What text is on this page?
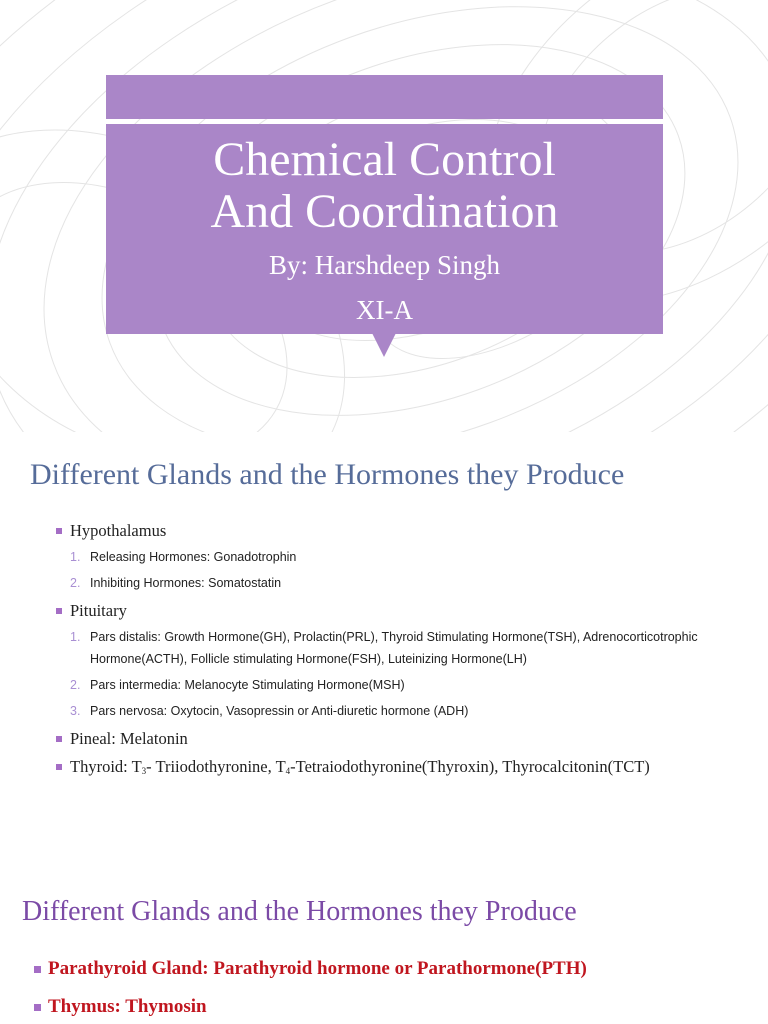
Chemical Control
And Coordination
By: Harshdeep Singh
XI-A
Different Glands and the Hormones they Produce
Hypothalamus
1. Releasing Hormones: Gonadotrophin
2. Inhibiting Hormones: Somatostatin
Pituitary
1. Pars distalis: Growth Hormone(GH), Prolactin(PRL), Thyroid Stimulating Hormone(TSH), Adrenocorticotrophic Hormone(ACTH), Follicle stimulating Hormone(FSH), Luteinizing Hormone(LH)
2. Pars intermedia: Melanocyte Stimulating Hormone(MSH)
3. Pars nervosa: Oxytocin, Vasopressin or Anti-diuretic hormone (ADH)
Pineal: Melatonin
Thyroid: $T_3-$ Triiodothyronine, $T_4-Tetraiodothyronine(Thyroxin)$, Thyrocalcitonin(TCT)
Different Glands and the Hormones they Produce
Parathyroid Gland: Parathyroid hormone or Parathormone(PTH)
Thymus: Thymosin
